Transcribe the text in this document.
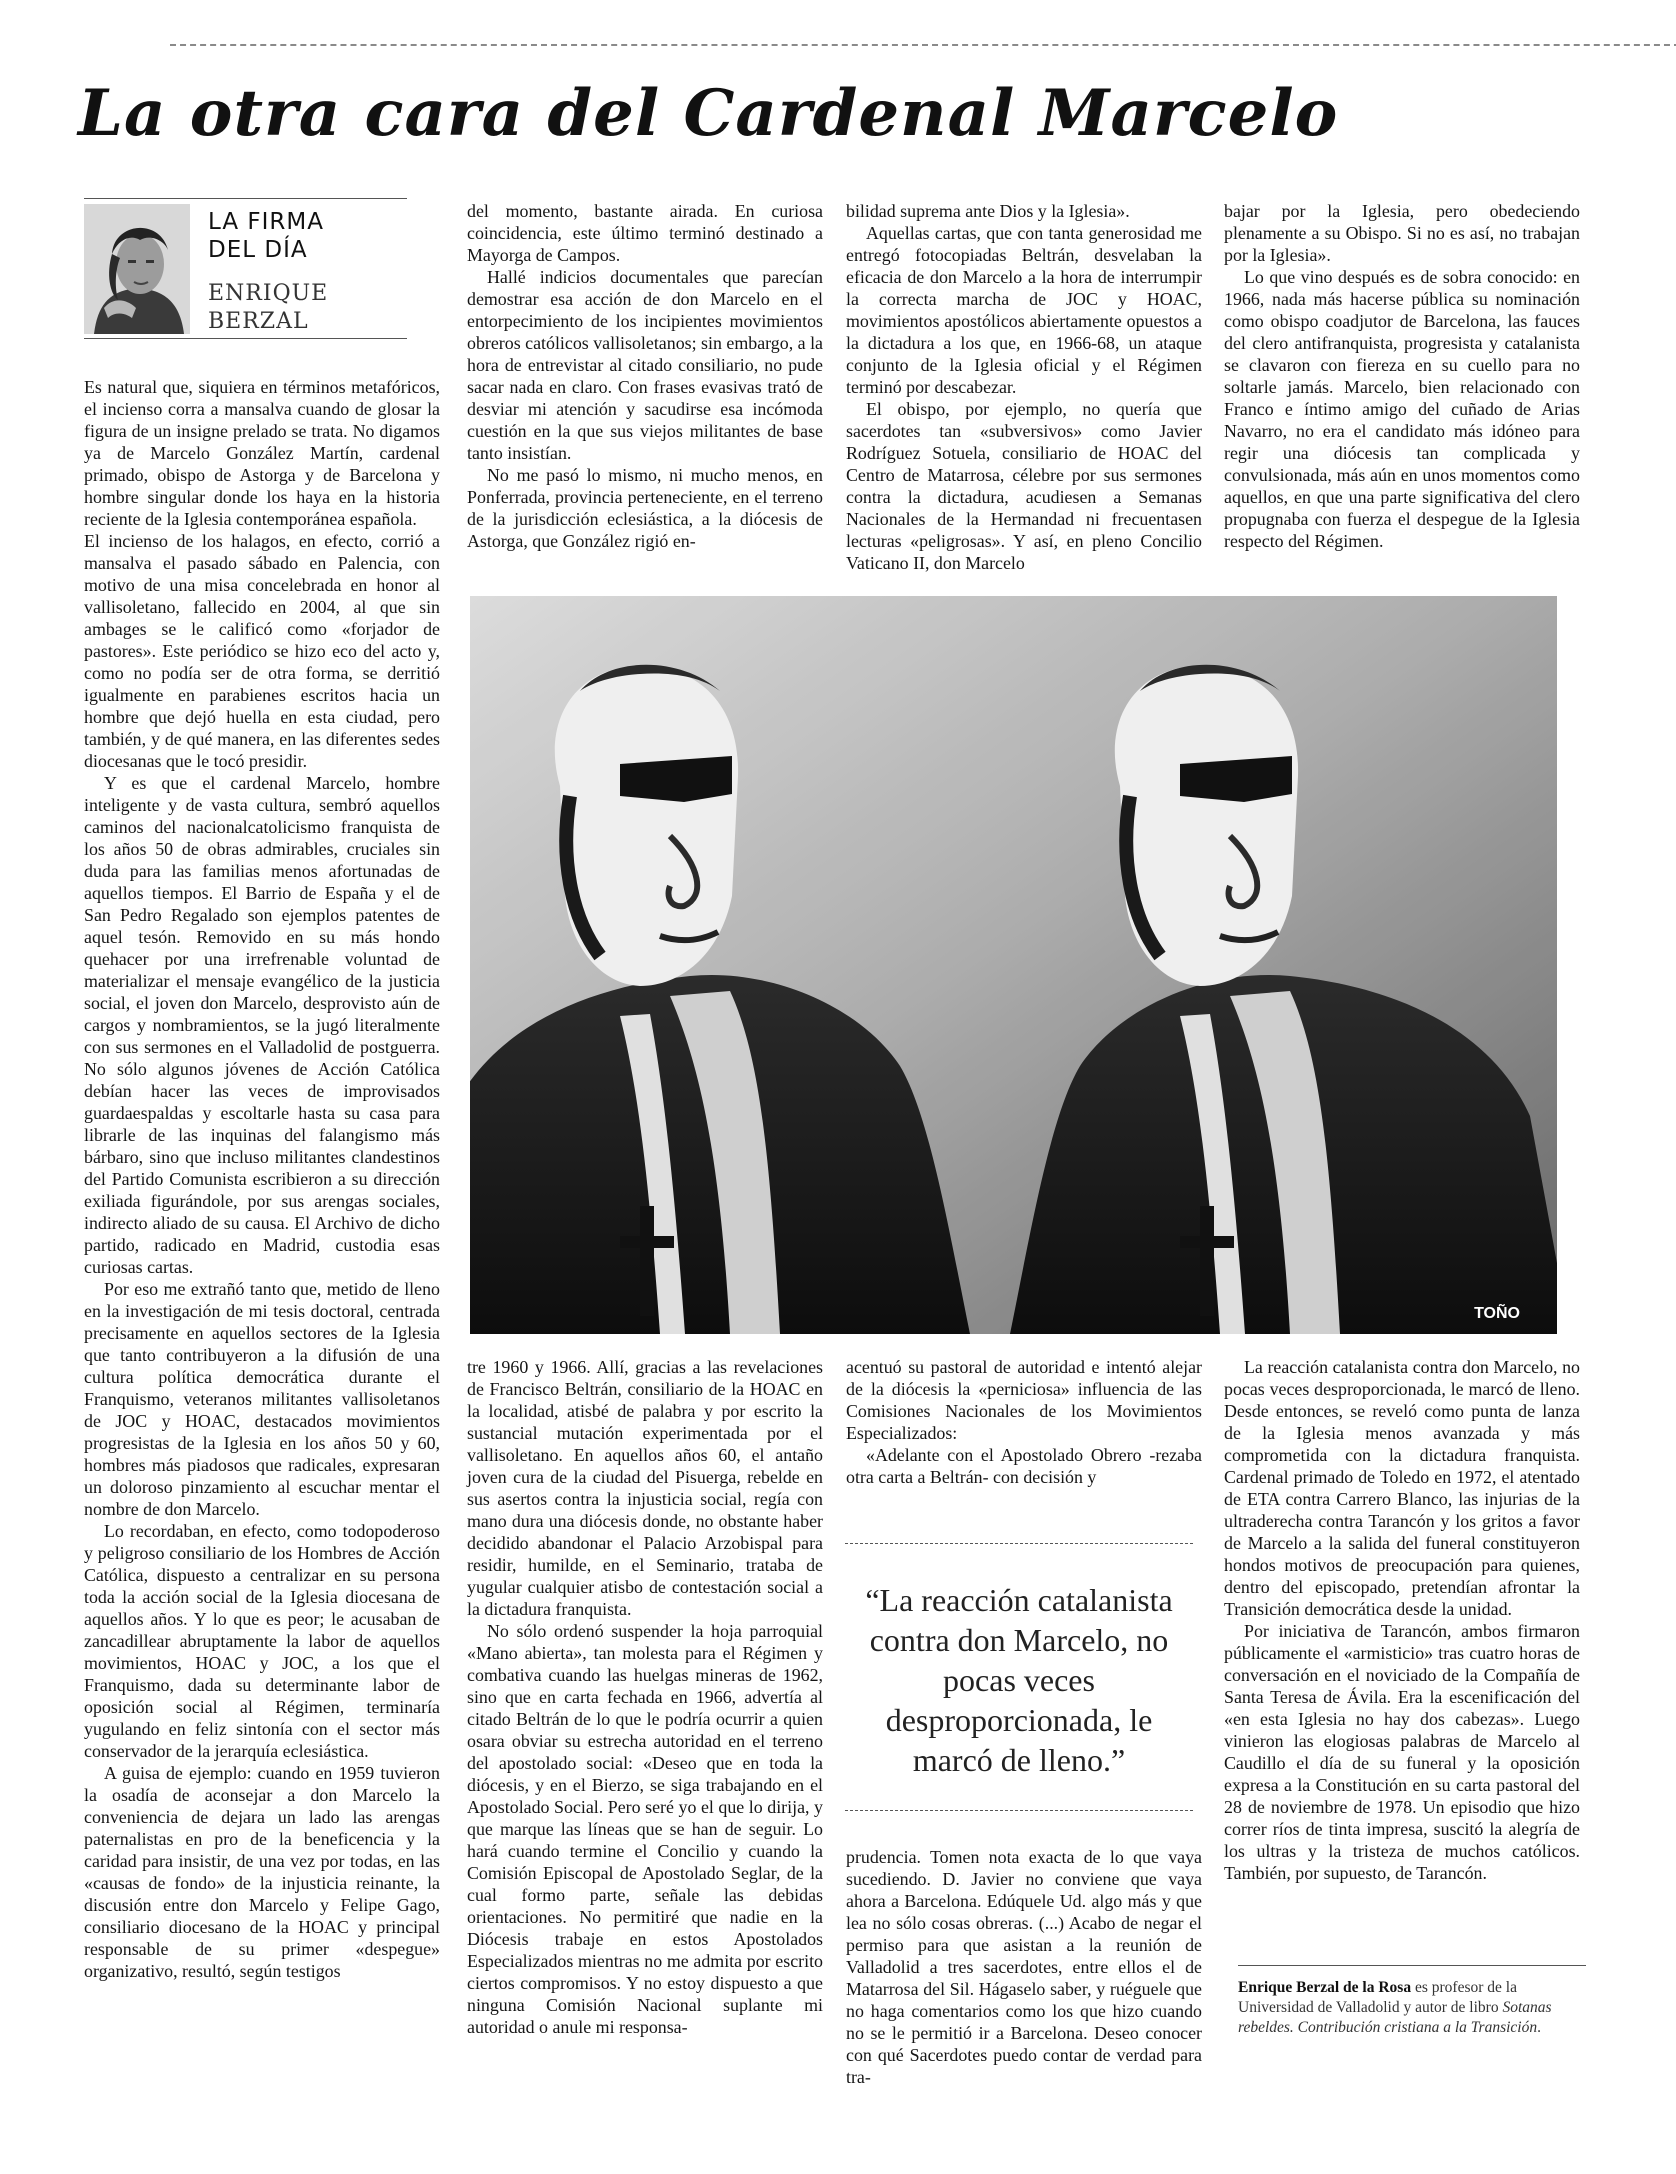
La otra cara del Cardenal Marcelo
LA FIRMA
DEL DÍA
ENRIQUE
BERZAL

Es natural que, siquiera en términos metafóricos, el incienso corra a mansalva cuando de glosar la figura de un insigne prelado se trata. No digamos ya de Marcelo González Martín, cardenal primado, obispo de Astorga y de Barcelona y hombre singular donde los haya en la historia reciente de la Iglesia contemporánea española.

El incienso de los halagos, en efecto, corrió a mansalva el pasado sábado en Palencia, con motivo de una misa concelebrada en honor al vallisoletano, fallecido en 2004, al que sin ambages se le calificó como «forjador de pastores». Este periódico se hizo eco del acto y, como no podía ser de otra forma, se derritió igualmente en parabienes escritos hacia un hombre que dejó huella en esta ciudad, pero también, y de qué manera, en las diferentes sedes diocesanas que le tocó presidir.

Y es que el cardenal Marcelo, hombre inteligente y de vasta cultura, sembró aquellos caminos del nacionalcatolicismo franquista de los años 50 de obras admirables, cruciales sin duda para las familias menos afortunadas de aquellos tiempos. El Barrio de España y el de San Pedro Regalado son ejemplos patentes de aquel tesón. Removido en su más hondo quehacer por una irrefrenable voluntad de materializar el mensaje evangélico de la justicia social, el joven don Marcelo, desprovisto aún de cargos y nombramientos, se la jugó literalmente con sus sermones en el Valladolid de postguerra. No sólo algunos jóvenes de Acción Católica debían hacer las veces de improvisados guardaespaldas y escoltarle hasta su casa para librarle de las inquinas del falangismo más bárbaro, sino que incluso militantes clandestinos del Partido Comunista escribieron a su dirección exiliada figurándole, por sus arengas sociales, indirecto aliado de su causa. El Archivo de dicho partido, radicado en Madrid, custodia esas curiosas cartas.

Por eso me extrañó tanto que, metido de lleno en la investigación de mi tesis doctoral, centrada precisamente en aquellos sectores de la Iglesia que tanto contribuyeron a la difusión de una cultura política democrática durante el Franquismo, veteranos militantes vallisoletanos de JOC y HOAC, destacados movimientos progresistas de la Iglesia en los años 50 y 60, hombres más piadosos que radicales, expresaran un doloroso pinzamiento al escuchar mentar el nombre de don Marcelo.

Lo recordaban, en efecto, como todopoderoso y peligroso consiliario de los Hombres de Acción Católica, dispuesto a centralizar en su persona toda la acción social de la Iglesia diocesana de aquellos años. Y lo que es peor; le acusaban de zancadillear abruptamente la labor de aquellos movimientos, HOAC y JOC, a los que el Franquismo, dada su determinante labor de oposición social al Régimen, terminaría yugulando en feliz sintonía con el sector más conservador de la jerarquía eclesiástica.

A guisa de ejemplo: cuando en 1959 tuvieron la osadía de aconsejar a don Marcelo la conveniencia de dejara un lado las arengas paternalistas en pro de la beneficencia y la caridad para insistir, de una vez por todas, en las «causas de fondo» de la injusticia reinante, la discusión entre don Marcelo y Felipe Gago, consiliario diocesano de la HOAC y principal responsable de su primer «despegue» organizativo, resultó, según testigos

del momento, bastante airada. En curiosa coincidencia, este último terminó destinado a Mayorga de Campos.

Hallé indicios documentales que parecían demostrar esa acción de don Marcelo en el entorpecimiento de los incipientes movimientos obreros católicos vallisoletanos; sin embargo, a la hora de entrevistar al citado consiliario, no pude sacar nada en claro. Con frases evasivas trató de desviar mi atención y sacudirse esa incómoda cuestión en la que sus viejos militantes de base tanto insistían.

No me pasó lo mismo, ni mucho menos, en Ponferrada, provincia perteneciente, en el terreno de la jurisdicción eclesiástica, a la diócesis de Astorga, que González rigió en-

bilidad suprema ante Dios y la Iglesia».

Aquellas cartas, que con tanta generosidad me entregó fotocopiadas Beltrán, desvelaban la eficacia de don Marcelo a la hora de interrumpir la correcta marcha de JOC y HOAC, movimientos apostólicos abiertamente opuestos a la dictadura a los que, en 1966-68, un ataque conjunto de la Iglesia oficial y el Régimen terminó por descabezar.

El obispo, por ejemplo, no quería que sacerdotes tan «subversivos» como Javier Rodríguez Sotuela, consiliario de HOAC del Centro de Matarrosa, célebre por sus sermones contra la dictadura, acudiesen a Semanas Nacionales de la Hermandad ni frecuentasen lecturas «peligrosas». Y así, en pleno Concilio Vaticano II, don Marcelo

bajar por la Iglesia, pero obedeciendo plenamente a su Obispo. Si no es así, no trabajan por la Iglesia».

Lo que vino después es de sobra conocido: en 1966, nada más hacerse pública su nominación como obispo coadjutor de Barcelona, las fauces del clero antifranquista, progresista y catalanista se clavaron con fiereza en su cuello para no soltarle jamás. Marcelo, bien relacionado con Franco e íntimo amigo del cuñado de Arias Navarro, no era el candidato más idóneo para regir una diócesis tan complicada y convulsionada, más aún en unos momentos como aquellos, en que una parte significativa del clero propugnaba con fuerza el despegue de la Iglesia respecto del Régimen.

TOÑO

tre 1960 y 1966. Allí, gracias a las revelaciones de Francisco Beltrán, consiliario de la HOAC en la localidad, atisbé de palabra y por escrito la sustancial mutación experimentada por el vallisoletano. En aquellos años 60, el antaño joven cura de la ciudad del Pisuerga, rebelde en sus asertos contra la injusticia social, regía con mano dura una diócesis donde, no obstante haber decidido abandonar el Palacio Arzobispal para residir, humilde, en el Seminario, trataba de yugular cualquier atisbo de contestación social a la dictadura franquista.

No sólo ordenó suspender la hoja parroquial «Mano abierta», tan molesta para el Régimen y combativa cuando las huelgas mineras de 1962, sino que en carta fechada en 1966, advertía al citado Beltrán de lo que le podría ocurrir a quien osara obviar su estrecha autoridad en el terreno del apostolado social: «Deseo que en toda la diócesis, y en el Bierzo, se siga trabajando en el Apostolado Social. Pero seré yo el que lo dirija, y que marque las líneas que se han de seguir. Lo hará cuando termine el Concilio y cuando la Comisión Episcopal de Apostolado Seglar, de la cual formo parte, señale las debidas orientaciones. No permitiré que nadie en la Diócesis trabaje en estos Apostolados Especializados mientras no me admita por escrito ciertos compromisos. Y no estoy dispuesto a que ninguna Comisión Nacional suplante mi autoridad o anule mi responsa-

acentuó su pastoral de autoridad e intentó alejar de la diócesis la «perniciosa» influencia de las Comisiones Nacionales de los Movimientos Especializados:

«Adelante con el Apostolado Obrero -rezaba otra carta a Beltrán- con decisión y

“La reacción catalanista contra don Marcelo, no pocas veces desproporcionada, le marcó de lleno.”

prudencia. Tomen nota exacta de lo que vaya sucediendo. D. Javier no conviene que vaya ahora a Barcelona. Edúquele Ud. algo más y que lea no sólo cosas obreras. (...) Acabo de negar el permiso para que asistan a la reunión de Valladolid a tres sacerdotes, entre ellos el de Matarrosa del Sil. Hágaselo saber, y ruéguele que no haga comentarios como los que hizo cuando no se le permitió ir a Barcelona. Deseo conocer con qué Sacerdotes puedo contar de verdad para tra-

La reacción catalanista contra don Marcelo, no pocas veces desproporcionada, le marcó de lleno. Desde entonces, se reveló como punta de lanza de la Iglesia menos avanzada y más comprometida con la dictadura franquista. Cardenal primado de Toledo en 1972, el atentado de ETA contra Carrero Blanco, las injurias de la ultraderecha contra Tarancón y los gritos a favor de Marcelo a la salida del funeral constituyeron hondos motivos de preocupación para quienes, dentro del episcopado, pretendían afrontar la Transición democrática desde la unidad.

Por iniciativa de Tarancón, ambos firmaron públicamente el «armisticio» tras cuatro horas de conversación en el noviciado de la Compañía de Santa Teresa de Ávila. Era la escenificación del «en esta Iglesia no hay dos cabezas». Luego vinieron las elogiosas palabras de Marcelo al Caudillo el día de su funeral y la oposición expresa a la Constitución en su carta pastoral del 28 de noviembre de 1978. Un episodio que hizo correr ríos de tinta impresa, suscitó la alegría de los ultras y la tristeza de muchos católicos. También, por supuesto, de Tarancón.

Enrique Berzal de la Rosa es profesor de la Universidad de Valladolid y autor de libro Sotanas rebeldes. Contribución cristiana a la Transición.
